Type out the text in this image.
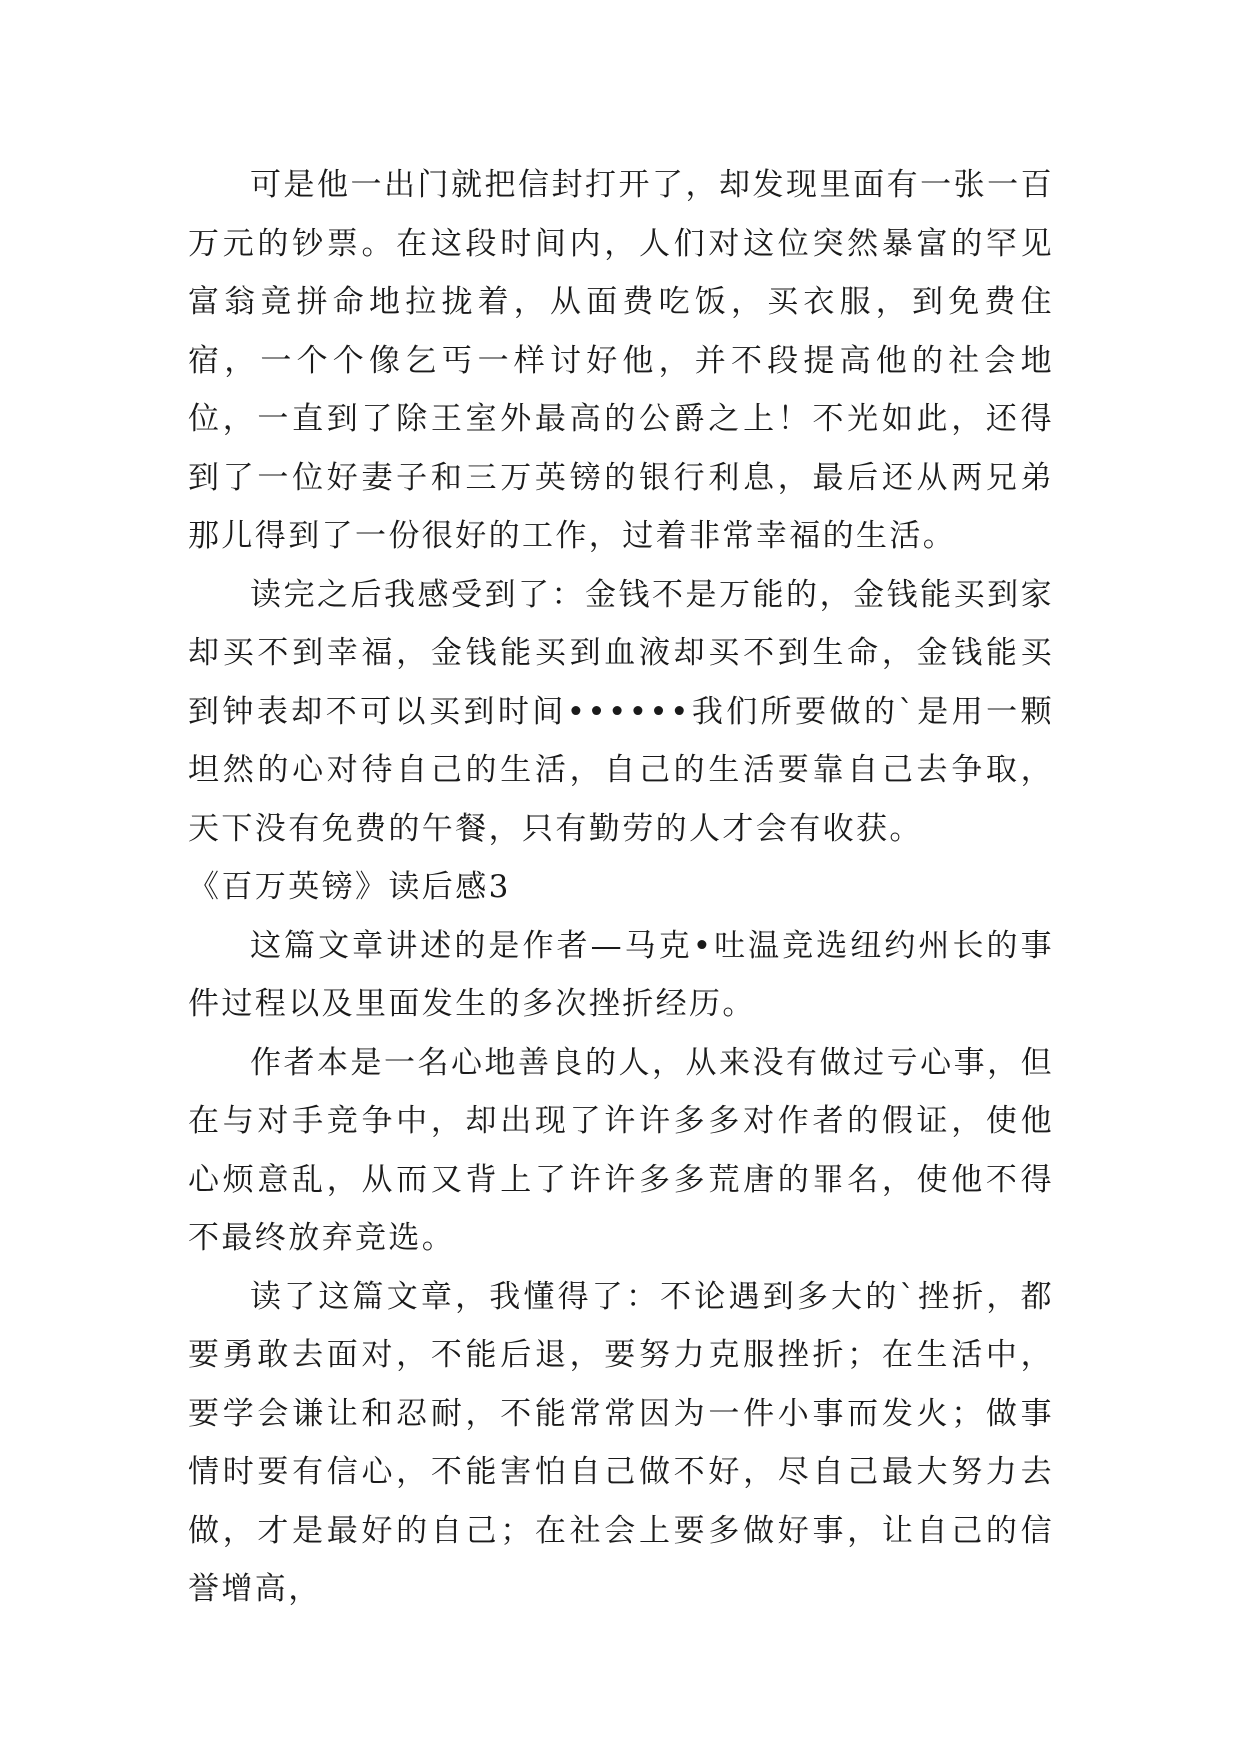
可是他一出门就把信封打开了，却发现里面有一张一百万元的钞票。在这段时间内，人们对这位突然暴富的罕见富翁竟拼命地拉拢着，从面费吃饭，买衣服，到免费住宿，一个个像乞丐一样讨好他，并不段提高他的社会地位，一直到了除王室外最高的公爵之上！不光如此，还得到了一位好妻子和三万英镑的银行利息，最后还从两兄弟那儿得到了一份很好的工作，过着非常幸福的生活。

读完之后我感受到了：金钱不是万能的，金钱能买到家却买不到幸福，金钱能买到血液却买不到生命，金钱能买到钟表却不可以买到时间••••••我们所要做的`是用一颗坦然的心对待自己的生活，自己的生活要靠自己去争取，天下没有免费的午餐，只有勤劳的人才会有收获。

《百万英镑》读后感3

这篇文章讲述的是作者—马克•吐温竞选纽约州长的事件过程以及里面发生的多次挫折经历。

作者本是一名心地善良的人，从来没有做过亏心事，但在与对手竞争中，却出现了许许多多对作者的假证，使他心烦意乱，从而又背上了许许多多荒唐的罪名，使他不得不最终放弃竞选。

读了这篇文章，我懂得了：不论遇到多大的`挫折，都要勇敢去面对，不能后退，要努力克服挫折；在生活中，要学会谦让和忍耐，不能常常因为一件小事而发火；做事情时要有信心，不能害怕自己做不好，尽自己最大努力去做，才是最好的自己；在社会上要多做好事，让自己的信誉增高，
